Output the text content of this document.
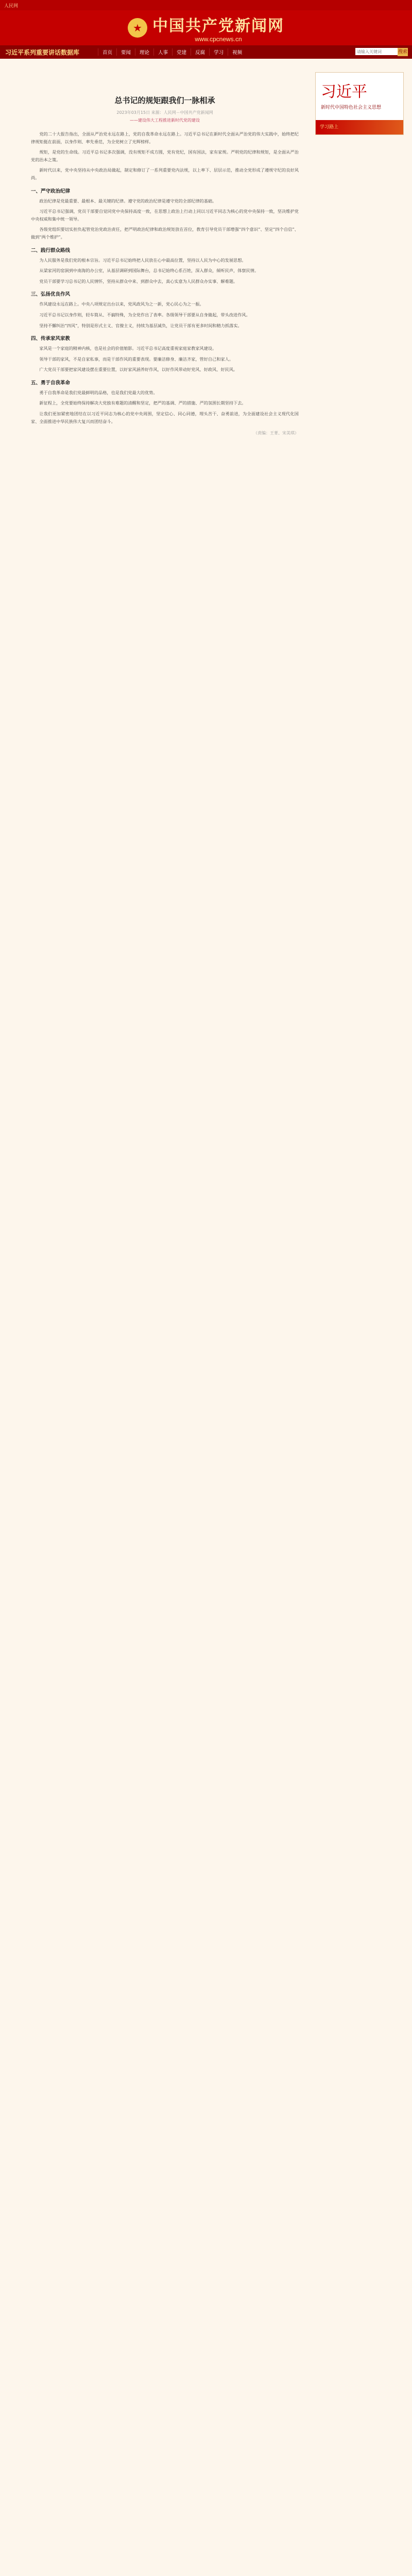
人民网
★ 中国共产党新闻网
www.cpcnews.cn
习近平系列重要讲话数据库	首页	要闻	理论	人事	党建	反腐	学习	视频
请输入关键词	搜索
习近平
新时代中国特色社会主义思想
学习路上
总书记的规矩跟我们一脉相承
2023年03月15日 来源：人民网－中国共产党新闻网
——建设伟大工程推进新时代党的建设

党的二十大报告指出，全面从严治党永远在路上，党的自我革命永远在路上。习近平总书记在新时代全面从严治党的伟大实践中，始终把纪律规矩挺在前面，以身作则、率先垂范，为全党树立了光辉榜样。

规矩，是党的生命线。习近平总书记多次强调，没有规矩不成方圆，党有党纪，国有国法，家有家规。严明党的纪律和规矩，是全面从严治党的治本之策。

新时代以来，党中央坚持从中央政治局做起，制定和修订了一系列重要党内法规，以上率下、层层示范，推动全党形成了遵规守纪的良好风尚。

一、严守政治纪律

政治纪律是党最重要、最根本、最关键的纪律。遵守党的政治纪律是遵守党的全部纪律的基础。

习近平总书记强调，党员干部要自觉同党中央保持高度一致，在思想上政治上行动上同以习近平同志为核心的党中央保持一致，坚决维护党中央权威和集中统一领导。

各级党组织要切实担负起管党治党政治责任，把严明政治纪律和政治规矩放在首位，教育引导党员干部增强“四个意识”、坚定“四个自信”、做到“两个维护”。

二、践行群众路线

为人民服务是我们党的根本宗旨。习近平总书记始终把人民放在心中最高位置，坚持以人民为中心的发展思想。

从梁家河的窑洞到中南海的办公室，从基层调研到国际舞台，总书记始终心系百姓，深入群众，倾听民声，体察民情。

党员干部要学习总书记的人民情怀，坚持从群众中来、到群众中去，真心实意为人民群众办实事、解难题。

三、弘扬优良作风

作风建设永远在路上。中央八项规定出台以来，党风政风为之一新，党心民心为之一振。

习近平总书记以身作则，轻车简从、不搞特殊，为全党作出了表率。各级领导干部要从自身做起，带头改进作风。

坚持不懈纠治“四风”，特别是形式主义、官僚主义，持续为基层减负，让党员干部有更多时间和精力抓落实。

四、传承家风家教

家风是一个家庭的精神内核，也是社会的价值缩影。习近平总书记高度重视家庭家教家风建设。

领导干部的家风，不是自家私事，而是干部作风的重要表现。要廉洁修身、廉洁齐家，管好自己和家人。

广大党员干部要把家风建设摆在重要位置，以好家风涵养好作风，以好作风带动好党风、好政风、好民风。

五、勇于自我革命

勇于自我革命是我们党最鲜明的品格，也是我们党最大的优势。

新征程上，全党要始终保持解决大党独有难题的清醒和坚定，把严的基调、严的措施、严的氛围长期坚持下去。

让我们更加紧密地团结在以习近平同志为核心的党中央周围，坚定信心、同心同德，埋头苦干、奋勇前进，为全面建设社会主义现代化国家、全面推进中华民族伟大复兴而团结奋斗。

（责编：王菁、宋美琪）
